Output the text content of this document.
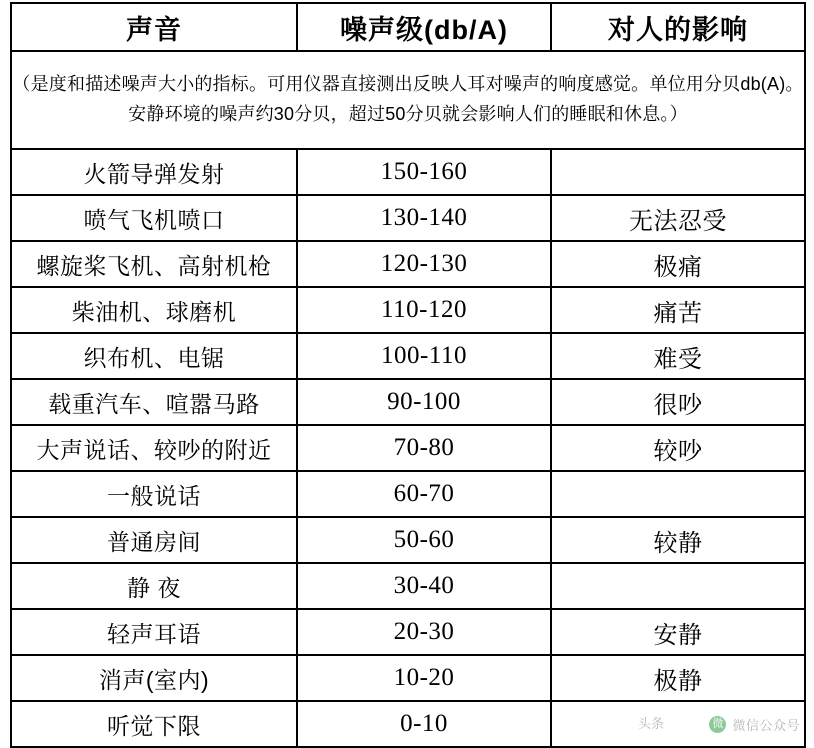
声音	噪声级(db/A)	对人的影响
（是度和描述噪声大小的指标。可用仪器直接测出反映人耳对噪声的响度感觉。单位用分贝db(A)。安静环境的噪声约30分贝，超过50分贝就会影响人们的睡眠和休息。）		
火箭导弹发射	150-160	
喷气飞机喷口	130-140	无法忍受
螺旋桨飞机、高射机枪	120-130	极痛
柴油机、球磨机	110-120	痛苦
织布机、电锯	100-110	难受
载重汽车、喧嚣马路	90-100	很吵
大声说话、较吵的附近	70-80	较吵
一般说话	60-70	
普通房间	50-60	较静
静 夜	30-40	
轻声耳语	20-30	安静
消声(室内)	10-20	极静
听觉下限	0-10		头条	微 微信公众号
